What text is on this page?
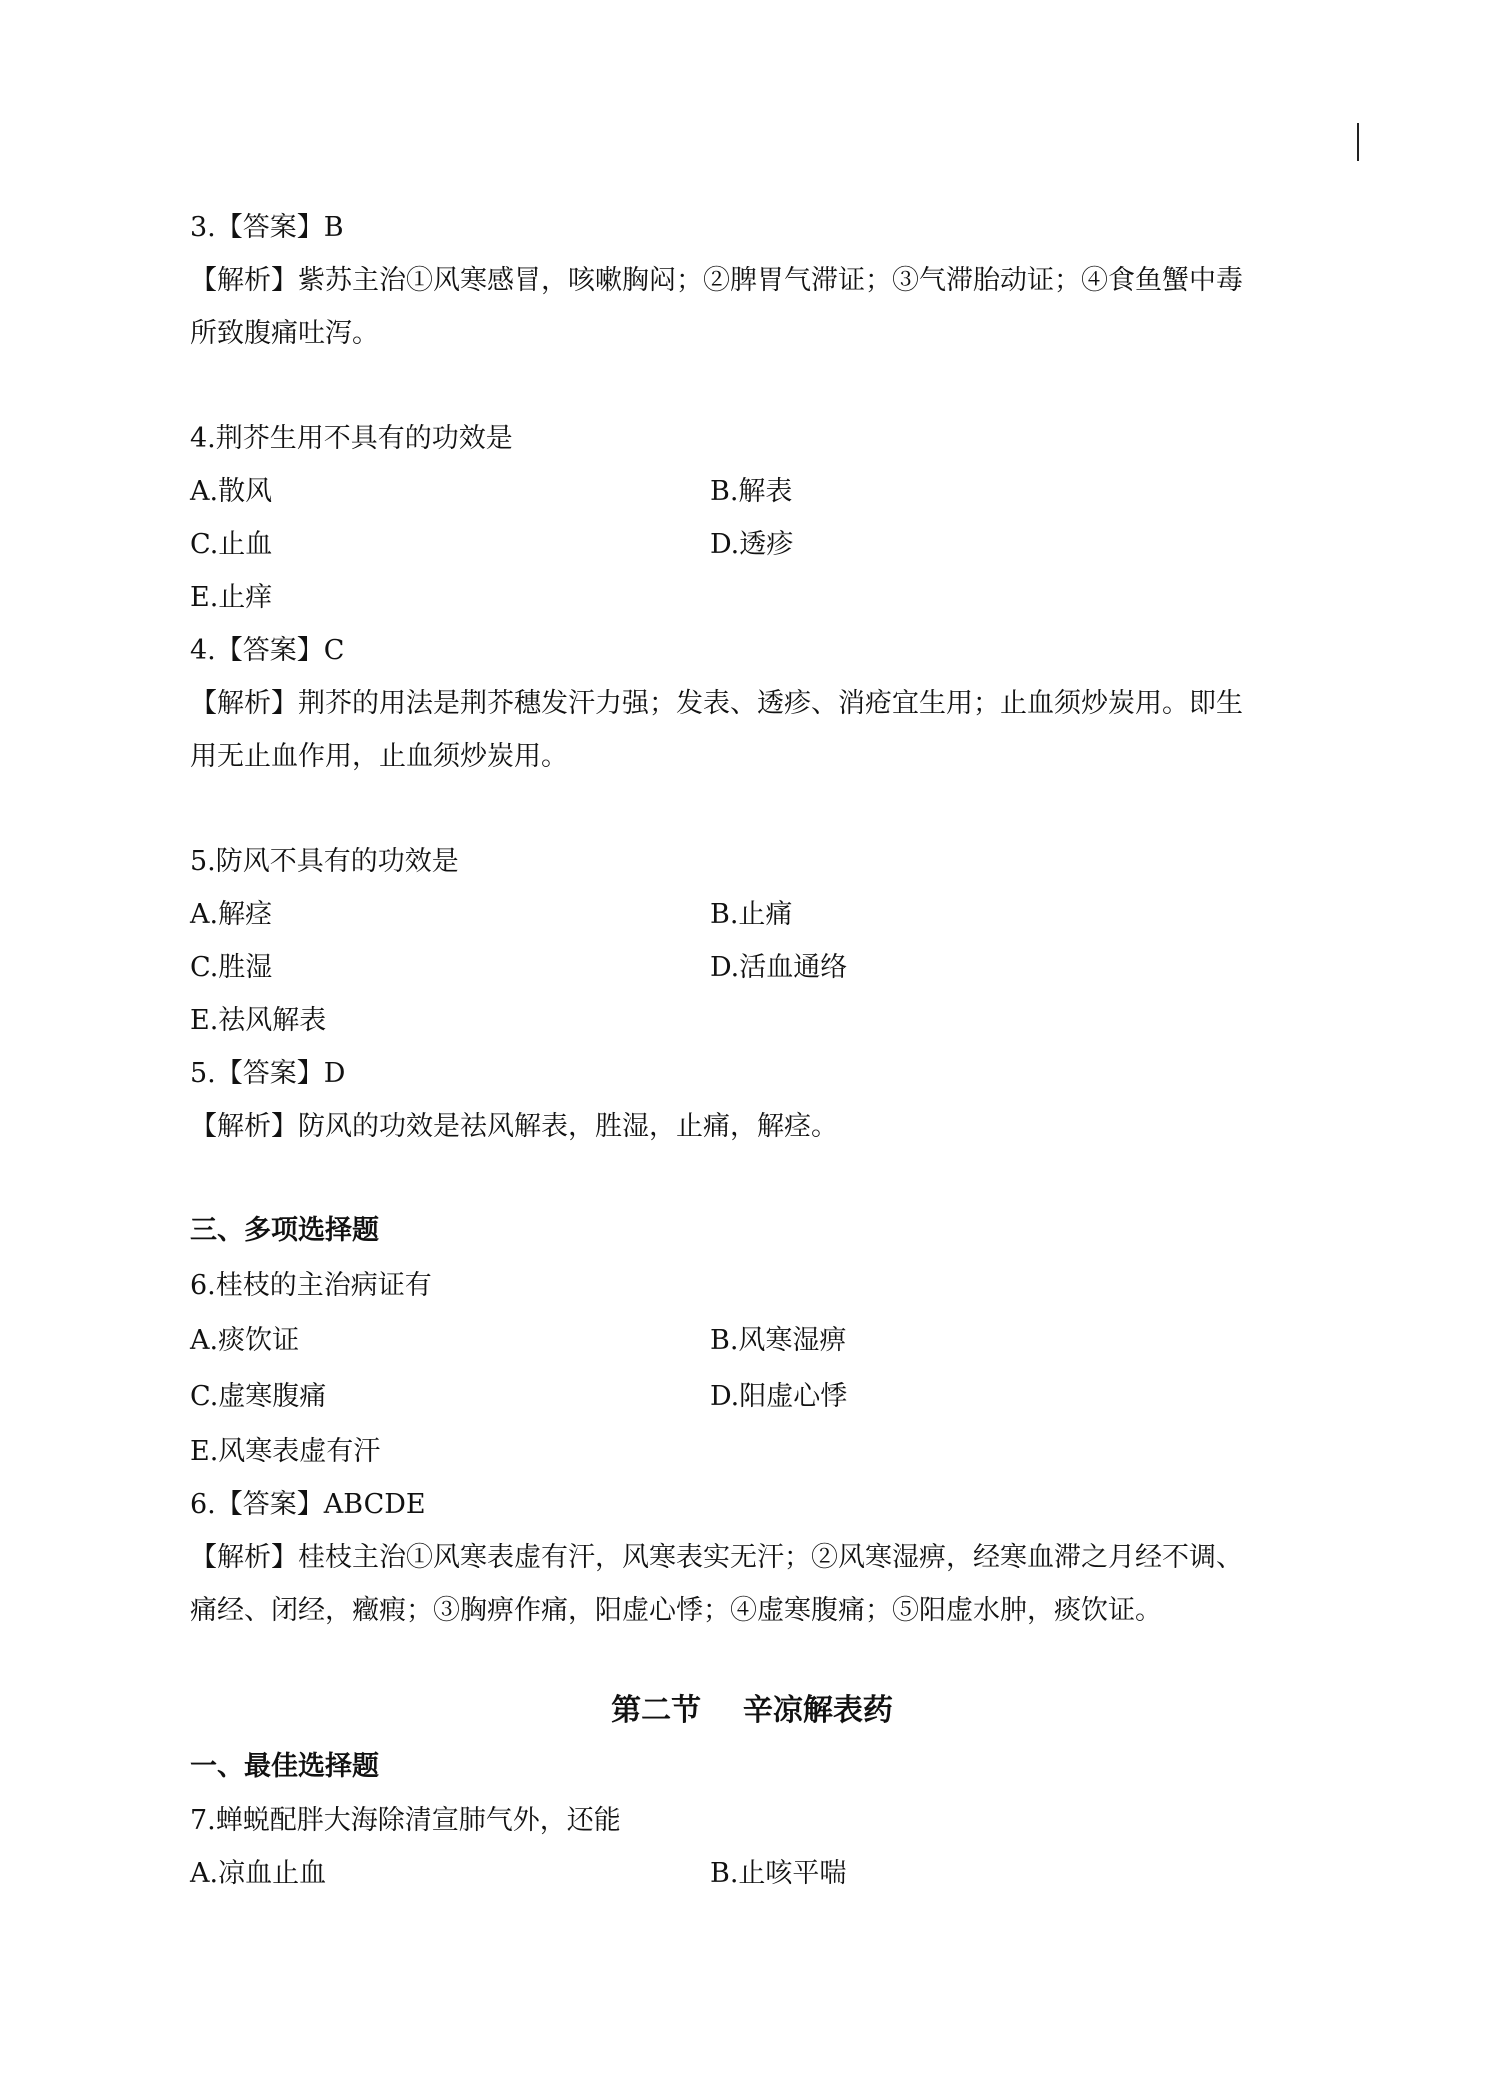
3.【答案】B
【解析】紫苏主治①风寒感冒，咳嗽胸闷；②脾胃气滞证；③气滞胎动证；④食鱼蟹中毒
所致腹痛吐泻。
4.荆芥生用不具有的功效是
A.散风	B.解表
C.止血	D.透疹
E.止痒
4.【答案】C
【解析】荆芥的用法是荆芥穗发汗力强；发表、透疹、消疮宜生用；止血须炒炭用。即生
用无止血作用，止血须炒炭用。
5.防风不具有的功效是
A.解痉	B.止痛
C.胜湿	D.活血通络
E.祛风解表
5.【答案】D
【解析】防风的功效是祛风解表，胜湿，止痛，解痉。
三、多项选择题
6.桂枝的主治病证有
A.痰饮证	B.风寒湿痹
C.虚寒腹痛	D.阳虚心悸
E.风寒表虚有汗
6.【答案】ABCDE
【解析】桂枝主治①风寒表虚有汗，风寒表实无汗；②风寒湿痹，经寒血滞之月经不调、
痛经、闭经，癥瘕；③胸痹作痛，阳虚心悸；④虚寒腹痛；⑤阳虚水肿，痰饮证。
第二节    辛凉解表药
一、最佳选择题
7.蝉蜕配胖大海除清宣肺气外，还能
A.凉血止血	B.止咳平喘
